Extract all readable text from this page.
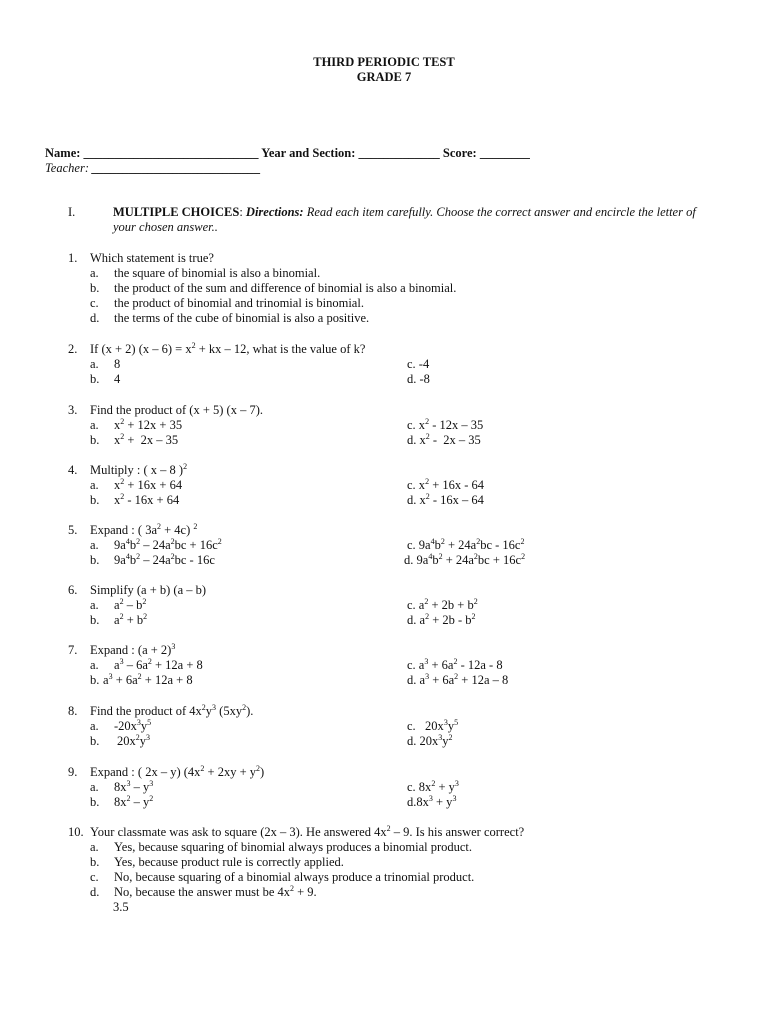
THIRD PERIODIC TEST
GRADE 7
Name: ____________________________ Year and Section: _____________ Score: ________
Teacher: ___________________________
I.	MULTIPLE CHOICES: Directions: Read each item carefully. Choose the correct answer and encircle the letter of your chosen answer..
1. Which statement is true?
a. the square of binomial is also a binomial.
b. the product of the sum and difference of binomial is also a binomial.
c. the product of binomial and trinomial is binomial.
d. the terms of the cube of binomial is also a positive.
2. If (x + 2) $(x - 6) = x^2$ + kx – 12, what is the value of k?
a. 8	c. -4
b. 4	d. -8
3. Find the product of (x + 5) (x – 7).
a. $x^2 + 12x + 35$	c. $x^2 - 12x - 35$
b. $x^2 + 2x - 35$	d. $x^2 - 2x - 35$
4. Multiply : ( x – 8 )$^2$
a. $x^2 + 16x + 64$	c. $x^2 + 16x - 64$
b. $x^2 - 16x + 64$	d. $x^2 - 16x - 64$
5. Expand : ( $3a^2 + 4c$) $^2$
a. $9a^4b^2 - 24a^2bc + 16c^2$	c. $9a^4b^2 + 24a^2bc - 16c^2$
b. $9a^4b^2 - 24a^2bc - 16c$	d. $9a^4b^2 + 24a^2bc + 16c^2$
6. Simplify (a + b) (a – b)
a. $a^2 - b^2$	c. $a^2 + 2b + b^2$
b. $a^2 + b^2$	d. $a^2 + 2b - b^2$
7. Expand : $(a + 2)^3$
a. $a^3 - 6a^2 + 12a + 8$	c. $a^3 + 6a^2 - 12a - 8$
b. $a^3 + 6a^2 + 12a + 8$	d. $a^3 + 6a^2 + 12a - 8$
8. Find the product of $4x^2y^3$ $(5xy^2)$.
a. $-20x^3y^5$	c.   $20x^3y^5$
b. $20x^2y^3$	d. $20x^3y^2$
9. Expand : ( 2x – y) $(4x^2 + 2xy + y^2)$
a. $8x^3 - y^3$	c. $8x^2 + y^3$
b. $8x^2 - y^2$	$d.8x^3 + y^3$
10. Your classmate was ask to square (2x – 3). He answered $4x^2 - 9$. Is his answer correct?
a. Yes, because squaring of binomial always produces a binomial product.
b. Yes, because product rule is correctly applied.
c. No, because squaring of a binomial always produce a trinomial product.
d. No, because the answer must be $4x^2 + 9$.
3.5
